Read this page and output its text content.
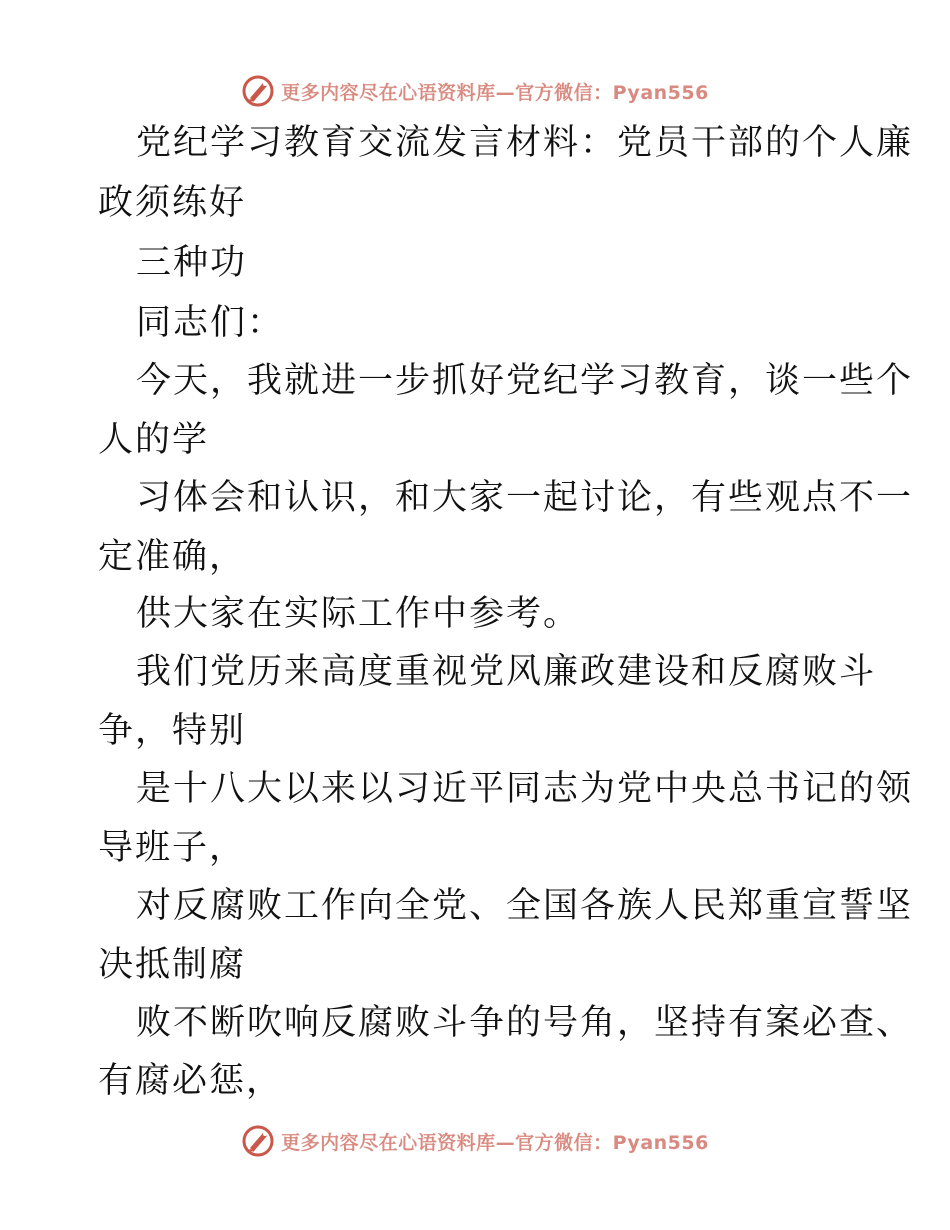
更多内容尽在心语资料库—官方微信：Pyan556
党纪学习教育交流发言材料：党员干部的个人廉
政须练好
三种功
同志们：
今天，我就进一步抓好党纪学习教育，谈一些个
人的学
习体会和认识，和大家一起讨论，有些观点不一
定准确，
供大家在实际工作中参考。
我们党历来高度重视党风廉政建设和反腐败斗
争，特别
是十八大以来以习近平同志为党中央总书记的领
导班子，
对反腐败工作向全党、全国各族人民郑重宣誓坚
决抵制腐
败不断吹响反腐败斗争的号角，坚持有案必查、
有腐必惩，
更多内容尽在心语资料库—官方微信：Pyan556
